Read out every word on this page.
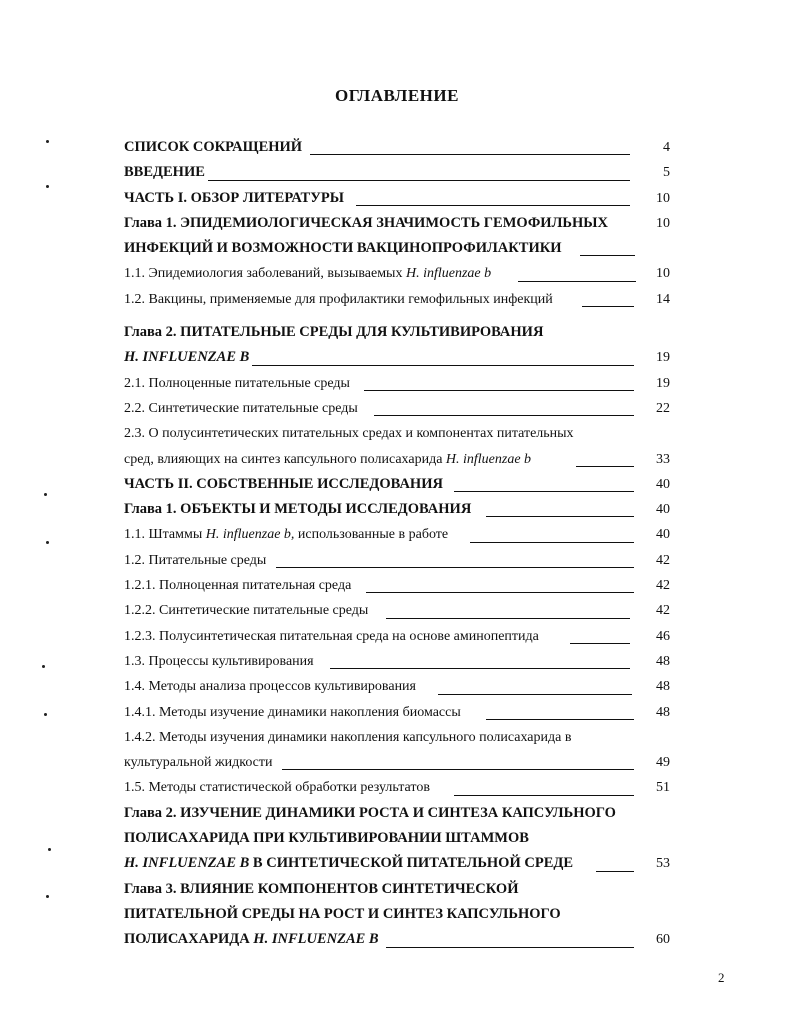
ОГЛАВЛЕНИЕ
СПИСОК СОКРАЩЕНИЙ	4
ВВЕДЕНИЕ	5
ЧАСТЬ I. ОБЗОР ЛИТЕРАТУРЫ	10
Глава 1. ЭПИДЕМИОЛОГИЧЕСКАЯ ЗНАЧИМОСТЬ ГЕМОФИЛЬНЫХ	10
ИНФЕКЦИЙ И ВОЗМОЖНОСТИ ВАКЦИНОПРОФИЛАКТИКИ
1.1. Эпидемиология заболеваний, вызываемых H. influenzae b	10
1.2. Вакцины, применяемые для профилактики гемофильных инфекций	14
Глава 2. ПИТАТЕЛЬНЫЕ СРЕДЫ ДЛЯ КУЛЬТИВИРОВАНИЯ
H. INFLUENZAE B	19
2.1. Полноценные питательные среды	19
2.2. Синтетические питательные среды	22
2.3. О полусинтетических питательных средах и компонентах питательных
сред, влияющих на синтез капсульного полисахарида H. influenzae b	33
ЧАСТЬ II. СОБСТВЕННЫЕ ИССЛЕДОВАНИЯ	40
Глава 1. ОБЪЕКТЫ И МЕТОДЫ ИССЛЕДОВАНИЯ	40
1.1. Штаммы H. influenzae b, использованные в работе	40
1.2. Питательные среды	42
1.2.1. Полноценная питательная среда	42
1.2.2. Синтетические питательные среды	42
1.2.3. Полусинтетическая питательная среда на основе аминопептида	46
1.3. Процессы культивирования	48
1.4. Методы анализа процессов культивирования	48
1.4.1. Методы изучение динамики накопления биомассы	48
1.4.2. Методы изучения динамики накопления капсульного полисахарида в
культуральной жидкости	49
1.5. Методы статистической обработки результатов	51
Глава 2. ИЗУЧЕНИЕ ДИНАМИКИ РОСТА И СИНТЕЗА КАПСУЛЬНОГО
ПОЛИСАХАРИДА ПРИ КУЛЬТИВИРОВАНИИ ШТАММОВ
H. INFLUENZAE B В СИНТЕТИЧЕСКОЙ ПИТАТЕЛЬНОЙ СРЕДЕ	53
Глава 3. ВЛИЯНИЕ КОМПОНЕНТОВ СИНТЕТИЧЕСКОЙ
ПИТАТЕЛЬНОЙ СРЕДЫ НА РОСТ И СИНТЕЗ КАПСУЛЬНОГО
ПОЛИСАХАРИДА H. INFLUENZAE B	60
2
